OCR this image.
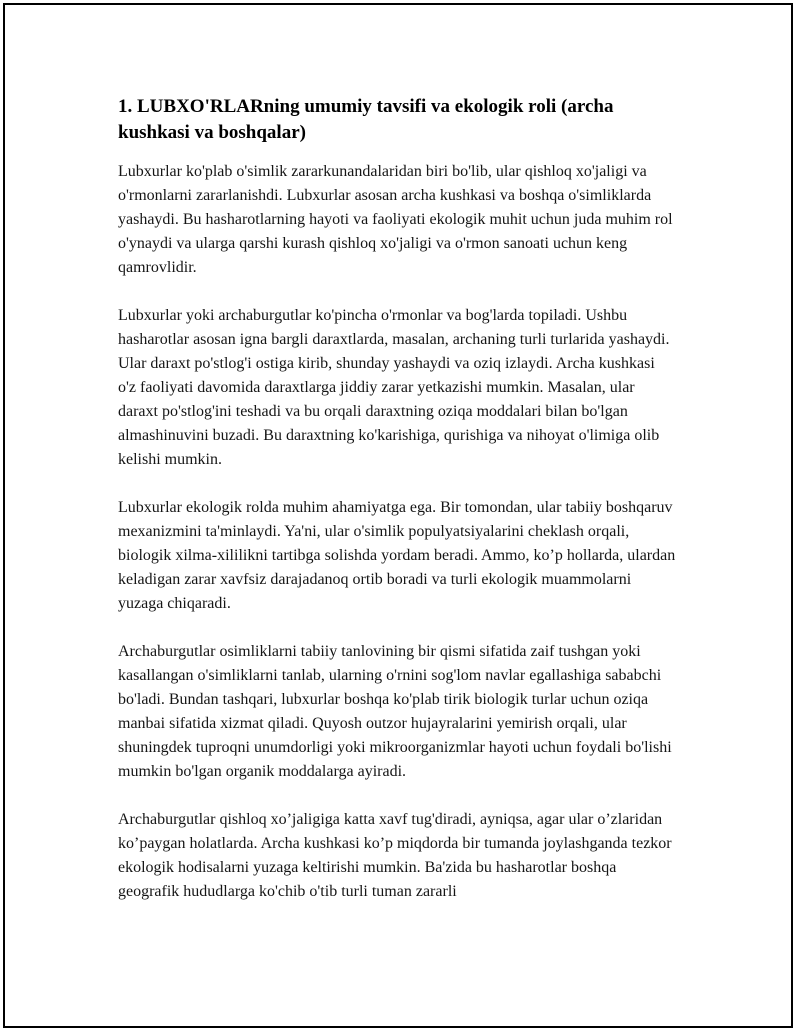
1. LUBXO'RLARning umumiy tavsifi va ekologik roli (archa kushkasi va boshqalar)

Lubxurlar ko'plab o'simlik zararkunandalaridan biri bo'lib, ular qishloq xo'jaligi va o'rmonlarni zararlanishdi. Lubxurlar asosan archa kushkasi va boshqa o'simliklarda yashaydi. Bu hasharotlarning hayoti va faoliyati ekologik muhit uchun juda muhim rol o'ynaydi va ularga qarshi kurash qishloq xo'jaligi va o'rmon sanoati uchun keng qamrovlidir.

Lubxurlar yoki archaburgutlar ko'pincha o'rmonlar va bog'larda topiladi. Ushbu hasharotlar asosan igna bargli daraxtlarda, masalan, archaning turli turlarida yashaydi. Ular daraxt po'stlog'i ostiga kirib, shunday yashaydi va oziq izlaydi. Archa kushkasi o'z faoliyati davomida daraxtlarga jiddiy zarar yetkazishi mumkin. Masalan, ular daraxt po'stlog'ini teshadi va bu orqali daraxtning oziqa moddalari bilan bo'lgan almashinuvini buzadi. Bu daraxtning ko'karishiga, qurishiga va nihoyat o'limiga olib kelishi mumkin.

Lubxurlar ekologik rolda muhim ahamiyatga ega. Bir tomondan, ular tabiiy boshqaruv mexanizmini ta'minlaydi. Ya'ni, ular o'simlik populyatsiyalarini cheklash orqali, biologik xilma-xililikni tartibga solishda yordam beradi. Ammo, ko’p hollarda, ulardan keladigan zarar xavfsiz darajadanoq ortib boradi va turli ekologik muammolarni yuzaga chiqaradi.

Archaburgutlar osimliklarni tabiiy tanlovining bir qismi sifatida zaif tushgan yoki kasallangan o'simliklarni tanlab, ularning o'rnini sog'lom navlar egallashiga sababchi bo'ladi. Bundan tashqari, lubxurlar boshqa ko'plab tirik biologik turlar uchun oziqa manbai sifatida xizmat qiladi. Quyosh outzor hujayralarini yemirish orqali, ular shuningdek tuproqni unumdorligi yoki mikroorganizmlar hayoti uchun foydali bo'lishi mumkin bo'lgan organik moddalarga ayiradi.

Archaburgutlar qishloq xo’jaligiga katta xavf tug'diradi, ayniqsa, agar ular o’zlaridan ko’paygan holatlarda. Archa kushkasi ko’p miqdorda bir tumanda joylashganda tezkor ekologik hodisalarni yuzaga keltirishi mumkin. Ba'zida bu hasharotlar boshqa geografik hududlarga ko'chib o'tib turli tuman zararli
